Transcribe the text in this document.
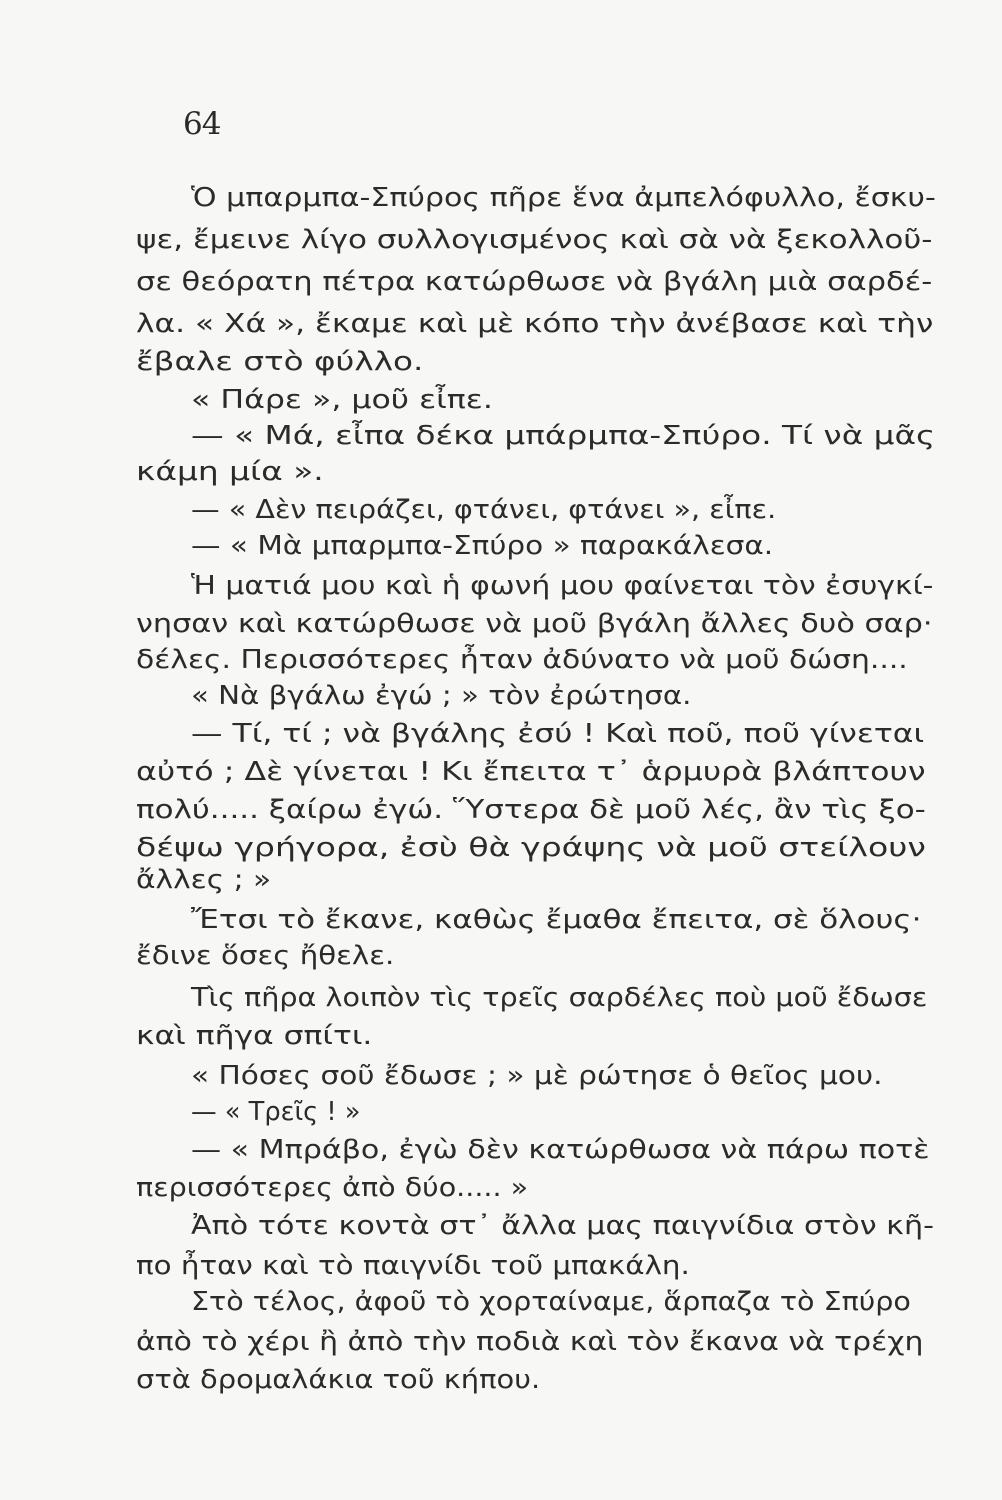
64
Ὁ μπαρμπα-Σπύρος πῆρε ἕνα ἀμπελόφυλλο, ἔσκυ-
ψε, ἔμεινε λίγο συλλογισμένος καὶ σὰ νὰ ξεκολλοῦ-
σε θεόρατη πέτρα κατώρθωσε νὰ βγάλη μιὰ σαρδέ-
λα. « Χά », ἔκαμε καὶ μὲ κόπο τὴν ἀνέβασε καὶ τὴν
ἔβαλε στὸ φύλλο.
« Πάρε », μοῦ εἶπε.
— « Μά, εἶπα δέκα μπάρμπα-Σπύρο. Τί νὰ μᾶς
κάμη μία ».
— « Δὲν πειράζει, φτάνει, φτάνει », εἶπε.
— « Μὰ μπαρμπα-Σπύρο » παρακάλεσα.
Ἡ ματιά μου καὶ ἡ φωνή μου φαίνεται τὸν ἐσυγκί-
νησαν καὶ κατώρθωσε νὰ μοῦ βγάλη ἄλλες δυὸ σαρ·
δέλες. Περισσότερες ἦταν ἀδύνατο νὰ μοῦ δώση....
« Νὰ βγάλω ἐγώ ; » τὸν ἐρώτησα.
— Τί, τί ; νὰ βγάλης ἐσύ ! Καὶ ποῦ, ποῦ γίνεται
αὐτό ; Δὲ γίνεται ! Κι ἔπειτα τ᾽ ἁρμυρὰ βλάπτουν
πολύ..... ξαίρω ἐγώ. Ὕστερα δὲ μοῦ λές, ἂν τὶς ξο-
δέψω γρήγορα, ἐσὺ θὰ γράψης νὰ μοῦ στείλουν
ἄλλες ; »
Ἔτσι τὸ ἔκανε, καθὼς ἔμαθα ἔπειτα, σὲ ὅλους·
ἔδινε ὅσες ἤθελε.
Τὶς πῆρα λοιπὸν τὶς τρεῖς σαρδέλες ποὺ μοῦ ἔδωσε
καὶ πῆγα σπίτι.
« Πόσες σοῦ ἔδωσε ; » μὲ ρώτησε ὁ θεῖος μου.
— « Τρεῖς ! »
— « Μπράβο, ἐγὼ δὲν κατώρθωσα νὰ πάρω ποτὲ
περισσότερες ἀπὸ δύο..... »
Ἀπὸ τότε κοντὰ στ᾽ ἄλλα μας παιγνίδια στὸν κῆ-
πο ἦταν καὶ τὸ παιγνίδι τοῦ μπακάλη.
Στὸ τέλος, ἀφοῦ τὸ χορταίναμε, ἅρπαζα τὸ Σπύρο
ἀπὸ τὸ χέρι ἢ ἀπὸ τὴν ποδιὰ καὶ τὸν ἔκανα νὰ τρέχη
στὰ δρομαλάκια τοῦ κήπου.
